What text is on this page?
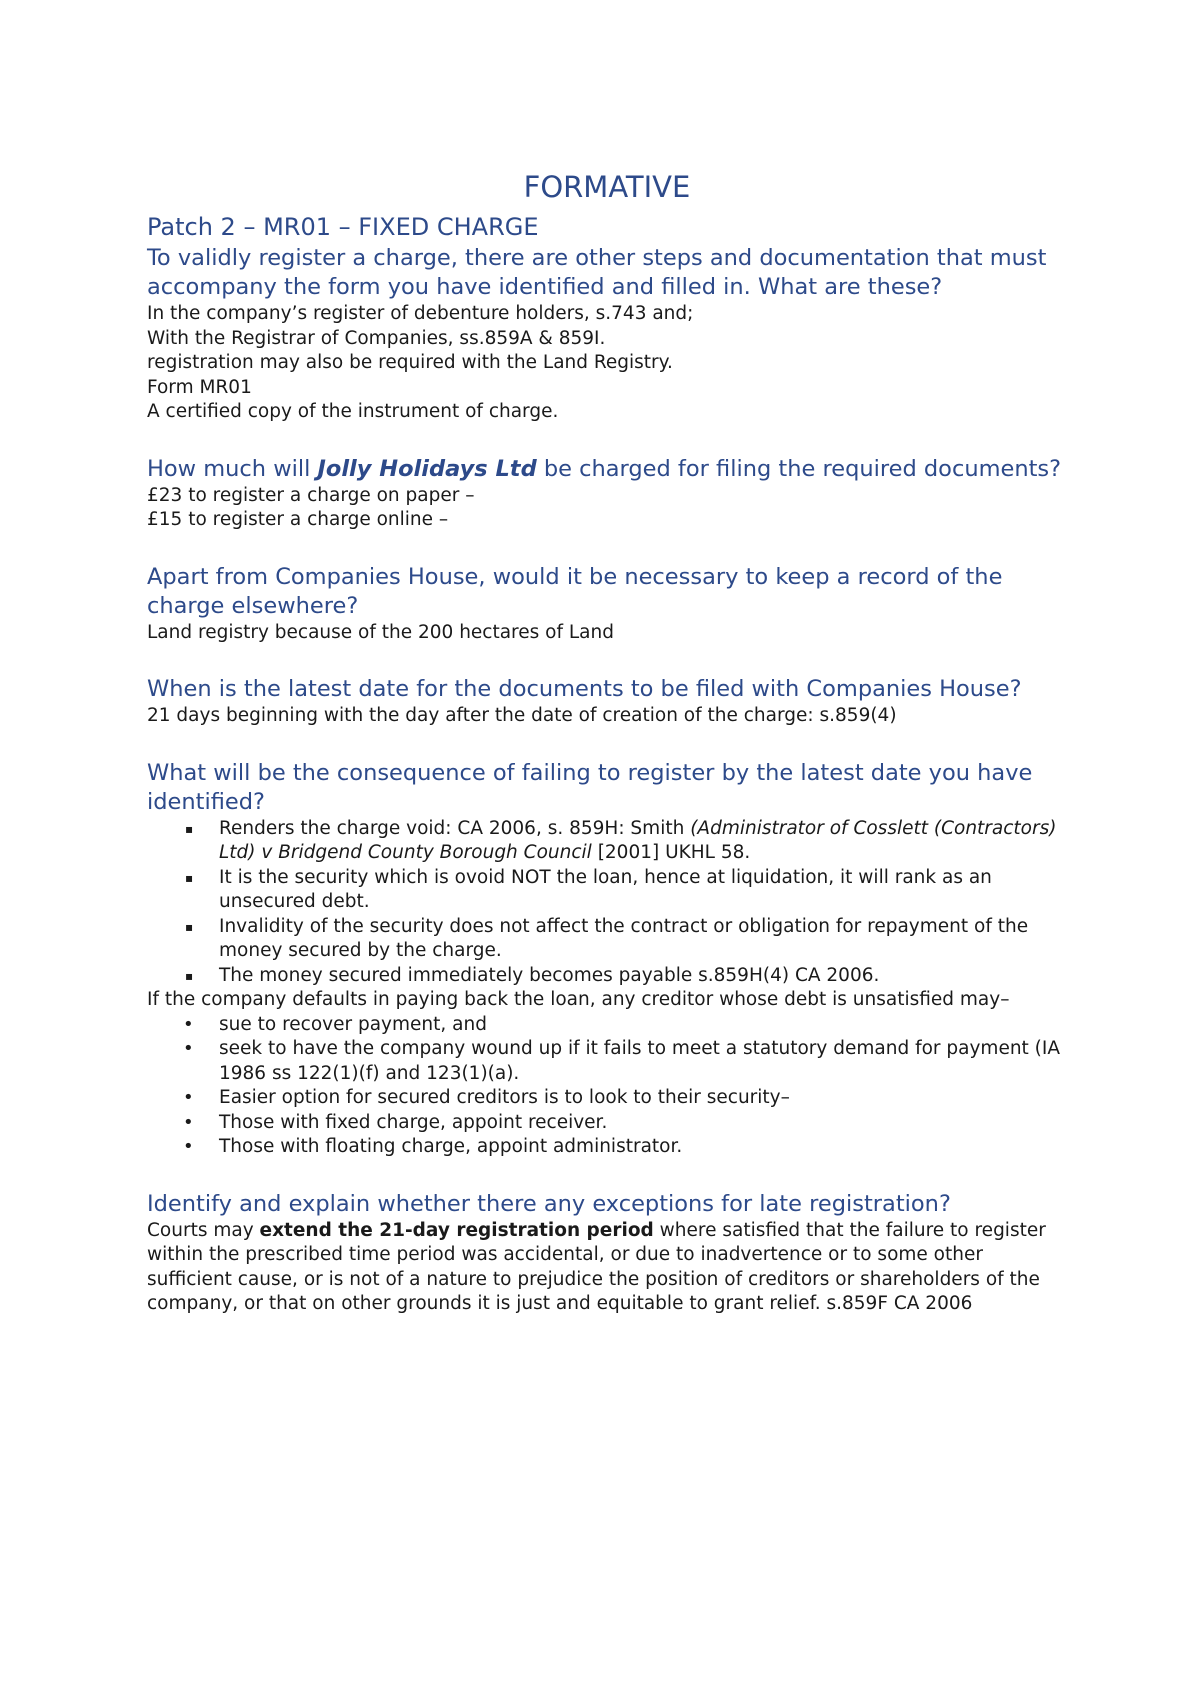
FORMATIVE
Patch 2 – MR01 – FIXED CHARGE

To validly register a charge, there are other steps and documentation that must accompany the form you have identified and filled in. What are these?

In the company’s register of debenture holders, s.743 and;

With the Registrar of Companies, ss.859A & 859I.

registration may also be required with the Land Registry.

Form MR01

A certified copy of the instrument of charge.

How much will Jolly Holidays Ltd be charged for filing the required documents?

£23 to register a charge on paper –

£15 to register a charge online –

Apart from Companies House, would it be necessary to keep a record of the charge elsewhere?

Land registry because of the 200 hectares of Land

When is the latest date for the documents to be filed with Companies House?

21 days beginning with the day after the date of creation of the charge: s.859(4)

What will be the consequence of failing to register by the latest date you have identified?

▪ Renders the charge void: CA 2006, s. 859H: Smith (Administrator of Cosslett (Contractors) Ltd) v Bridgend County Borough Council [2001] UKHL 58.
▪ It is the security which is ovoid NOT the loan, hence at liquidation, it will rank as an unsecured debt.
▪ Invalidity of the security does not affect the contract or obligation for repayment of the money secured by the charge.
▪ The money secured immediately becomes payable s.859H(4) CA 2006.

If the company defaults in paying back the loan, any creditor whose debt is unsatisfied may–

• sue to recover payment, and
• seek to have the company wound up if it fails to meet a statutory demand for payment (IA 1986 ss 122(1)(f) and 123(1)(a).
• Easier option for secured creditors is to look to their security–
• Those with fixed charge, appoint receiver.
• Those with floating charge, appoint administrator.

Identify and explain whether there any exceptions for late registration?

Courts may extend the 21-day registration period where satisfied that the failure to register within the prescribed time period was accidental, or due to inadvertence or to some other sufficient cause, or is not of a nature to prejudice the position of creditors or shareholders of the company, or that on other grounds it is just and equitable to grant relief. s.859F CA 2006
